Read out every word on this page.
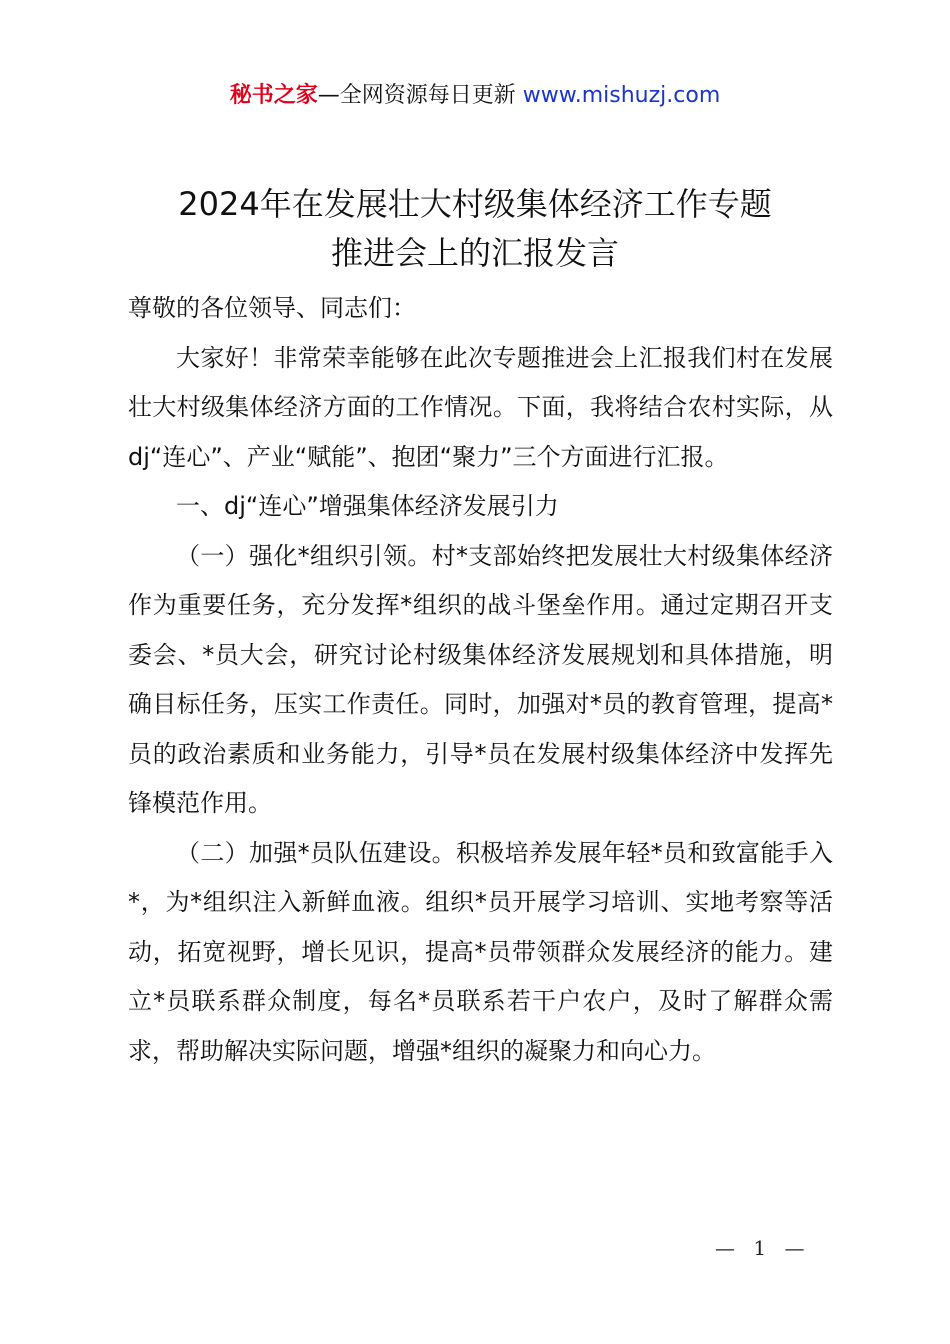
秘书之家—全网资源每日更新 www.mishuzj.com
2024年在发展壮大村级集体经济工作专题
推进会上的汇报发言
尊敬的各位领导、同志们：
大家好！非常荣幸能够在此次专题推进会上汇报我们村在发展壮大村级集体经济方面的工作情况。下面，我将结合农村实际，从dj“连心”、产业“赋能”、抱团“聚力”三个方面进行汇报。
一、dj“连心”增强集体经济发展引力
（一）强化*组织引领。村*支部始终把发展壮大村级集体经济作为重要任务，充分发挥*组织的战斗堡垒作用。通过定期召开支委会、*员大会，研究讨论村级集体经济发展规划和具体措施，明确目标任务，压实工作责任。同时，加强对*员的教育管理，提高*员的政治素质和业务能力，引导*员在发展村级集体经济中发挥先锋模范作用。
（二）加强*员队伍建设。积极培养发展年轻*员和致富能手入*，为*组织注入新鲜血液。组织*员开展学习培训、实地考察等活动，拓宽视野，增长见识，提高*员带领群众发展经济的能力。建立*员联系群众制度，每名*员联系若干户农户，及时了解群众需求，帮助解决实际问题，增强*组织的凝聚力和向心力。
— 1 —
